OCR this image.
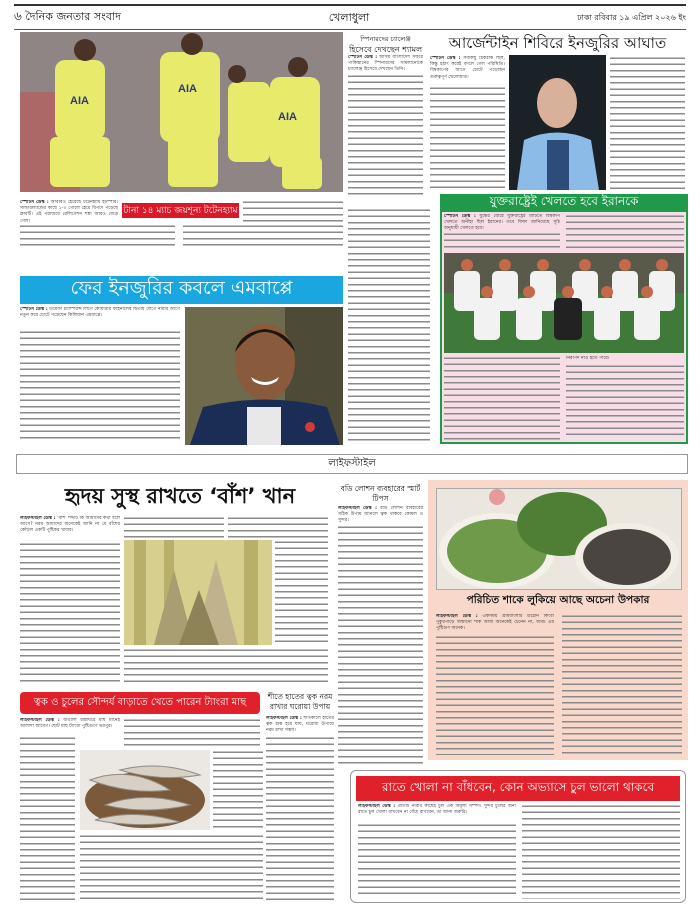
৬ দৈনিক জনতার সংবাদ	খেলাধুলা	ঢাকা রবিবার ১৯ এপ্রিল ২০২৬ ইং
AIA
AIA
AIA
টানা ১৪ ম্যাচ জয়শূন্য টটেনহ্যাম
স্পোর্টস ডেস্ক : আবারও হেরেছে টটেনহ্যাম হটস্পার। সান্ডারল্যান্ডের কাছে ১-০ গোলে হেরে বিপদে পড়েছে ক্লাবটি। এই পরাজয়ে রেলিগেশন শঙ্কা আরও বেড়ে গেল।
স্পিনারদের চ্যালেঞ্জ
হিসেবে দেখছেন শ্যামল
স্পোর্টস ডেস্ক : আসন্ন বাংলাদেশ সফরে পাকিস্তানের স্পিনারদের সামলানোকে চ্যালেঞ্জ হিসেবে দেখছেন তিনি।
আর্জেন্টাইন শিবিরে ইনজুরির আঘাত
স্পোর্টস ডেস্ক : সবকিছু ঠিকঠাক ছিল, কিন্তু হঠাৎ করেই বদলে গেল পরিস্থিতি। বিশ্বকাপের আগে চোটে পড়েছেন গুরুত্বপূর্ণ খেলোয়াড়।
ফের ইনজুরির কবলে এমবাপ্পে
স্পোর্টস ডেস্ক : উয়েফা চ্যাম্পিয়ন্স লিগে কোয়ার্টার ফাইনালের দ্বিতীয় লেগে নামার আগে নতুন করে চোটে পড়েছেন কিলিয়ান এমবাপ্পে।
যুক্তরাষ্ট্রেই খেলতে হবে ইরানকে
স্পোর্টস ডেস্ক : যুদ্ধের জেরে যুক্তরাষ্ট্রের মাটিতে বিশ্বকাপ খেলতে অনীহা ছিল ইরানের। তবে ফিফা জানিয়েছে সূচি অনুযায়ী খেলতে হবে।
নিরাপদ নাও হতে পারে।
লাইফস্টাইল
হৃদয় সুস্থ রাখতে ‘বাঁশ’ খান
লাইফস্টাইল ডেস্ক : ‘বাঁশ’ শব্দটি কি আমাদের কথা বলে আসে? নরম আমাদের অনেকেই জানি না যে বাঁশের কোঁড়ল একটি পুষ্টিকর খাবার।
বডি লোশন ব্যবহারের স্মার্ট টিপস
লাইফস্টাইল ডেস্ক : বডি লোশন ব্যবহারের সঠিক উপায় জানলে ত্বক থাকবে কোমল ও সুন্দর।
পরিচিত শাকে লুকিয়ে আছে অচেনা উপকার
লাইফস্টাইল ডেস্ক : একসময় গ্রামবাংলার উঠোন কিংবা পুকুরপাড়ে জন্মানো শাক আজ অনেকেই চেনেন না, অথচ এর পুষ্টিগুণ অনেক।
ত্বক ও চুলের সৌন্দর্য বাড়াতে খেতে পারেন ট্যাংরা মাছ
লাইফস্টাইল ডেস্ক : বাঙালি রান্নাঘরে মাছ মানেই আলাদা আবেগ। ছোট মাছ ট্যাংরা পুষ্টিগুণে ভরপুর।
শীতে হাতের ত্বক নরম রাখার ঘরোয়া উপায়
লাইফস্টাইল ডেস্ক : শীতকালে হাতের ত্বক শুষ্ক হয়ে যায়, ঘরোয়া উপায়ে নরম রাখা সম্ভব।
রাতে খোলা না বাঁধবেন, কোন অভ্যাসে চুল ভালো থাকবে
লাইফস্টাইল ডেস্ক : প্রতিটি নারীর কাছেই চুল এক অমূল্য সম্পদ। সুন্দর চুলের জন্য রাতে চুল খোলা রাখবেন না বেঁধে রাখবেন, তা জানা জরুরি।
